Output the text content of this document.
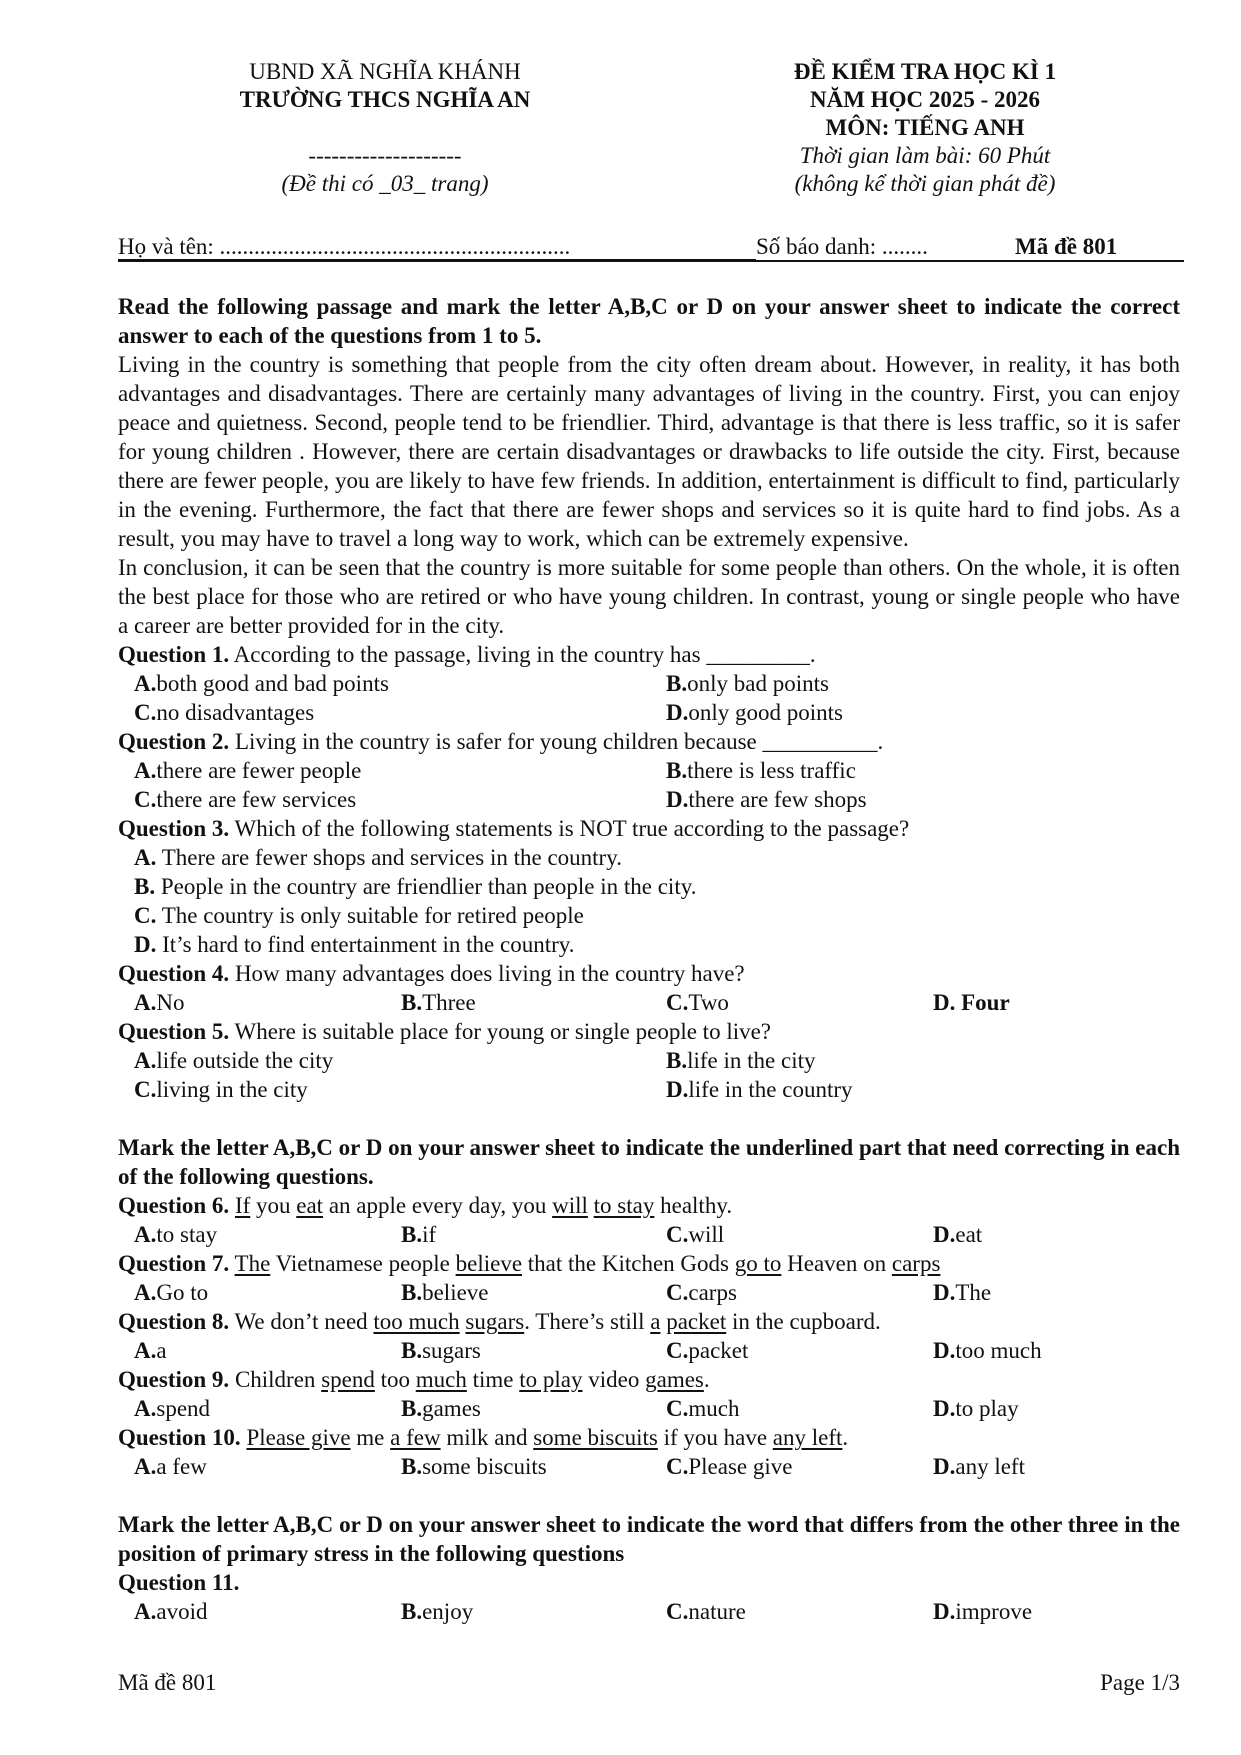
UBND XÃ NGHĨA KHÁNH
TRƯỜNG THCS NGHĨA AN
--------------------
(Đề thi có _03_ trang)
ĐỀ KIỂM TRA HỌC KÌ 1
NĂM HỌC 2025 - 2026
MÔN: TIẾNG ANH
Thời gian làm bài: 60 Phút
(không kể thời gian phát đề)
Họ và tên: .............................................................	Số báo danh: ........	Mã đề 801
Read the following passage and mark the letter A,B,C or D on your answer sheet to indicate the correct answer to each of the questions from 1 to 5.
Living in the country is something that people from the city often dream about. However, in reality, it has both advantages and disadvantages. There are certainly many advantages of living in the country. First, you can enjoy peace and quietness. Second, people tend to be friendlier. Third, advantage is that there is less traffic, so it is safer for young children . However, there are certain disadvantages or drawbacks to life outside the city. First, because there are fewer people, you are likely to have few friends. In addition, entertainment is difficult to find, particularly in the evening. Furthermore, the fact that there are fewer shops and services so it is quite hard to find jobs. As a result, you may have to travel a long way to work, which can be extremely expensive.
In conclusion, it can be seen that the country is more suitable for some people than others. On the whole, it is often the best place for those who are retired or who have young children. In contrast, young or single people who have a career are better provided for in the city.
Question 1. According to the passage, living in the country has _________.
A. both good and bad points	B. only bad points
C. no disadvantages	D. only good points
Question 2. Living in the country is safer for young children because __________.
A. there are fewer people	B. there is less traffic
C. there are few services	D. there are few shops
Question 3. Which of the following statements is NOT true according to the passage?
A. There are fewer shops and services in the country.
B. People in the country are friendlier than people in the city.
C. The country is only suitable for retired people
D. It’s hard to find entertainment in the country.
Question 4. How many advantages does living in the country have?
A. No	B. Three	C. Two	D. Four
Question 5. Where is suitable place for young or single people to live?
A. life outside the city	B. life in the city
C. living in the city	D. life in the country
Mark the letter A,B,C or D on your answer sheet to indicate the underlined part that need correcting in each of the following questions.
Question 6. If you eat an apple every day, you will to stay healthy.
A. to stay	B. if	C. will	D. eat
Question 7. The Vietnamese people believe that the Kitchen Gods go to Heaven on carps
A. Go to	B. believe	C. carps	D. The
Question 8. We don’t need too much sugars. There’s still a packet in the cupboard.
A. a	B. sugars	C. packet	D. too much
Question 9. Children spend too much time to play video games.
A. spend	B. games	C. much	D. to play
Question 10. Please give me a few milk and some biscuits if you have any left.
A. a few	B. some biscuits	C. Please give	D. any left
Mark the letter A,B,C or D on your answer sheet to indicate the word that differs from the other three in the position of primary stress in the following questions
Question 11.
A. avoid	B. enjoy	C. nature	D. improve
Mã đề 801	Page 1/3
